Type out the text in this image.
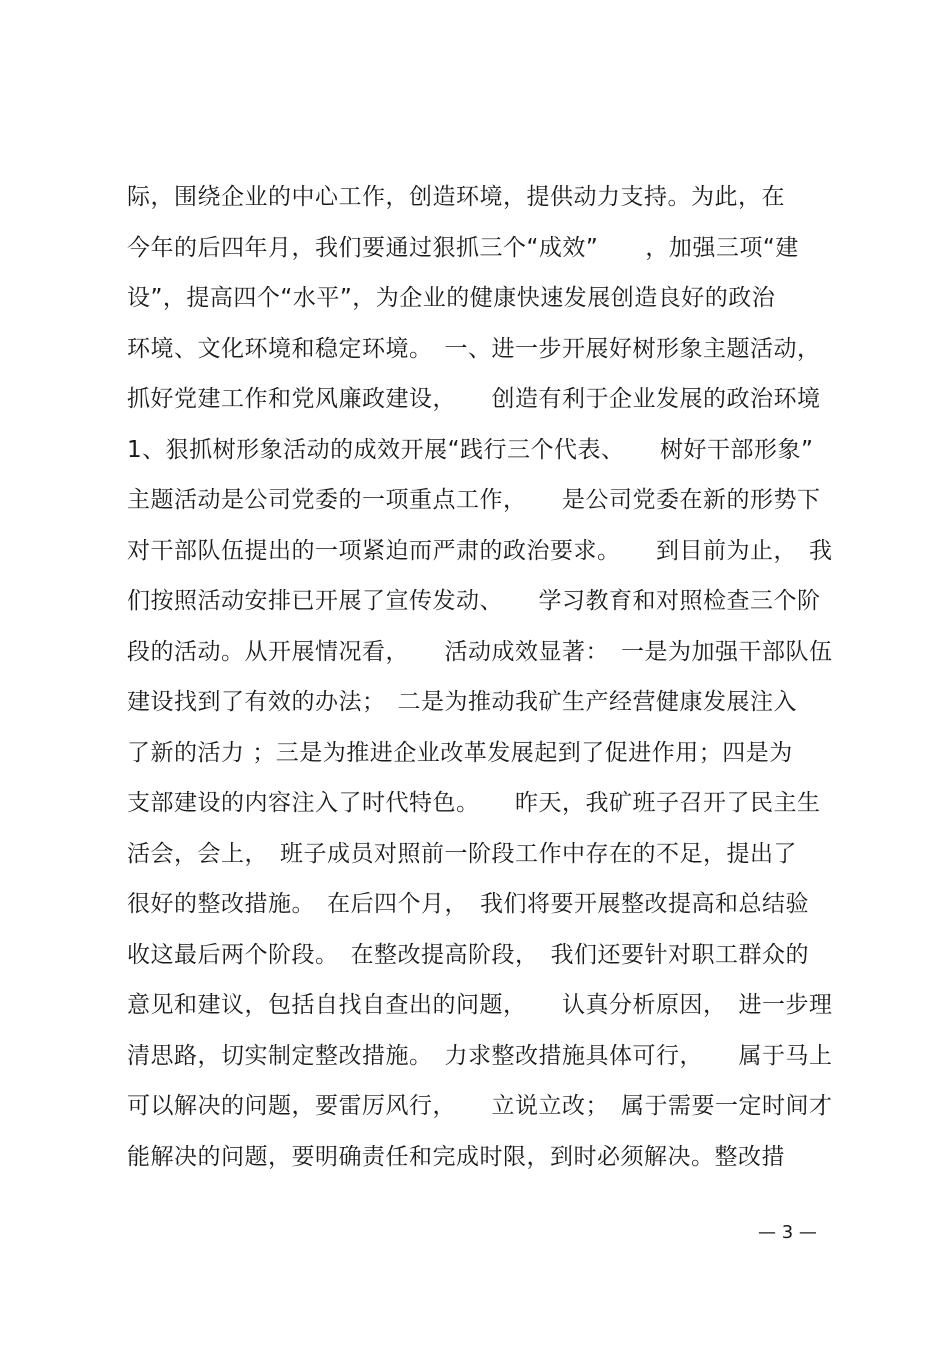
际，围绕企业的中心工作，创造环境，提供动力支持。为此，在
今年的后四年月，我们要通过狠抓三个“成效”　　，加强三项“建
设”，提高四个“水平”，为企业的健康快速发展创造良好的政治
环境、文化环境和稳定环境。　一、进一步开展好树形象主题活动，
抓好党建工作和党风廉政建设，　　创造有利于企业发展的政治环境
1、狠抓树形象活动的成效开展“践行三个代表、　　树好干部形象”
主题活动是公司党委的一项重点工作，　　是公司党委在新的形势下
对干部队伍提出的一项紧迫而严肃的政治要求。　　到目前为止，　我
们按照活动安排已开展了宣传发动、　　学习教育和对照检查三个阶
段的活动。从开展情况看，　　活动成效显著：　一是为加强干部队伍
建设找到了有效的办法；　二是为推动我矿生产经营健康发展注入
了新的活力 ；三是为推进企业改革发展起到了促进作用；四是为
支部建设的内容注入了时代特色。　　昨天，我矿班子召开了民主生
活会，会上，　班子成员对照前一阶段工作中存在的不足，提出了
很好的整改措施。　在后四个月，　我们将要开展整改提高和总结验
收这最后两个阶段。　在整改提高阶段，　我们还要针对职工群众的
意见和建议，包括自找自查出的问题，　　认真分析原因，　进一步理
清思路，切实制定整改措施。　力求整改措施具体可行，　　属于马上
可以解决的问题，要雷厉风行，　　立说立改；　属于需要一定时间才
能解决的问题，要明确责任和完成时限，到时必须解决。整改措
— 3 —
